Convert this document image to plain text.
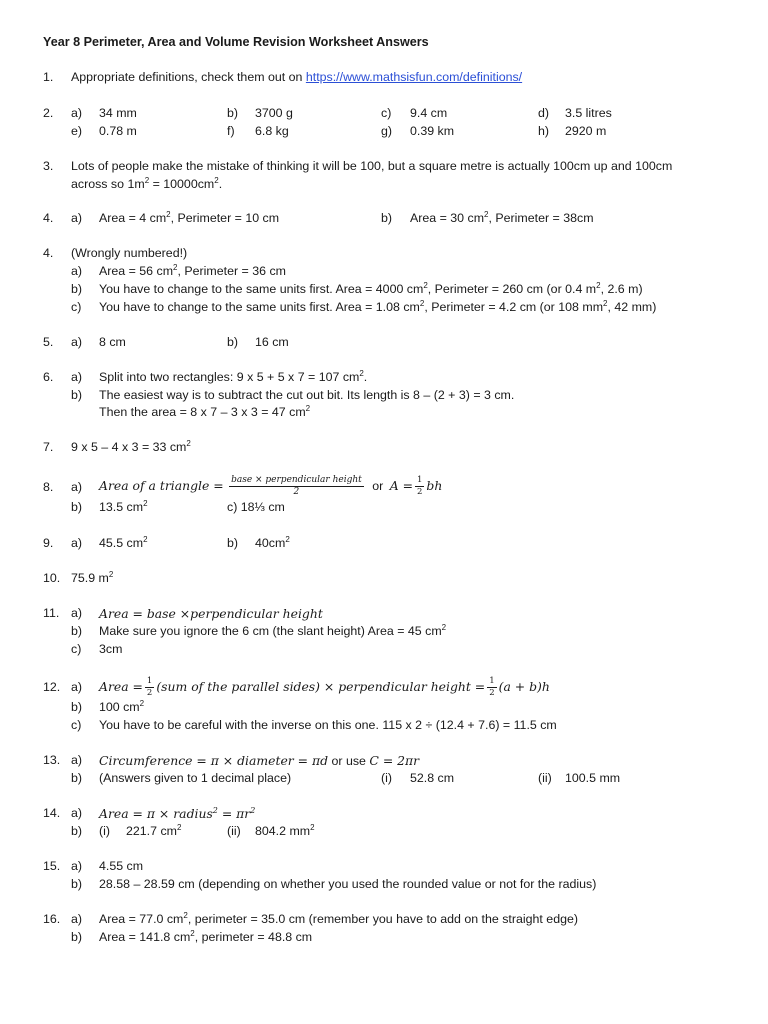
Year 8 Perimeter, Area and Volume Revision Worksheet Answers
1. Appropriate definitions, check them out on https://www.mathsisfun.com/definitions/
2. a) 34 mm	b) 3700 g	c) 9.4 cm	d) 3.5 litres
e) 0.78 m	f) 6.8 kg	g) 0.39 km	h) 2920 m
3. Lots of people make the mistake of thinking it will be 100, but a square metre is actually 100cm up and 100cm
across so $1m^2 = 10000cm^2$.
4. a) Area = 4 $cm^2$, Perimeter = 10 cm	b) Area = 30 $cm^2$, Perimeter = 38cm
4. (Wrongly numbered!)
a) Area = 56 $cm^2$, Perimeter = 36 cm
b) You have to change to the same units first. Area = 4000 $cm^2$, Perimeter = 260 cm (or 0.4 $m^2$, 2.6 m)
c) You have to change to the same units first. Area = 1.08 $cm^2$, Perimeter = 4.2 cm (or 108 $mm^2$, 42 mm)
5. a) 8 cm	b) 16 cm
6. a) Split into two rectangles: 9 x 5 + 5 x 7 = 107 $cm^2$.
b) The easiest way is to subtract the cut out bit. Its length is 8 – (2 + 3) = 3 cm.
Then the area = 8 x 7 – 3 x 3 = 47 $cm^2$
7. 9 x 5 – 4 x 3 = 33 $cm^2$
8. a) Area of a triangle = $\frac{\text{base × perpendicular height}}{2}$ or $A = \frac{1}{2}$ bh
b) 13.5 $cm^2$	c) 18⅓ cm
9. a) 45.5 $cm^2$	b) $40cm^2$
10. 75.9 $m^2$
11. a) Area = base ×perpendicular height
b) Make sure you ignore the 6 cm (the slant height) Area = 45 $cm^2$
c) 3cm
12. a) Area = $\frac{1}{2} (sum$ of the parallel sides) × perpendicular height = $\frac{1}{2} (a + b)h$
b) 100 $cm^2$
c) You have to be careful with the inverse on this one. 115 x 2 ÷ (12.4 + 7.6) = 11.5 cm
13. a) Circumference = π × diameter = πd or use C = 2πr
b) (Answers given to 1 decimal place)	(i) 52.8 cm	(ii) 100.5 mm
14. a) Area = π × radius$^2$ = $\pi r^2$
b) (i) 221.7 $cm^2$	(ii) 804.2 $mm^2$
15. a) 4.55 cm
b) 28.58 – 28.59 cm (depending on whether you used the rounded value or not for the radius)
16. a) Area = 77.0 $cm^2$, perimeter = 35.0 cm (remember you have to add on the straight edge)
b) Area = 141.8 $cm^2$, perimeter = 48.8 cm
